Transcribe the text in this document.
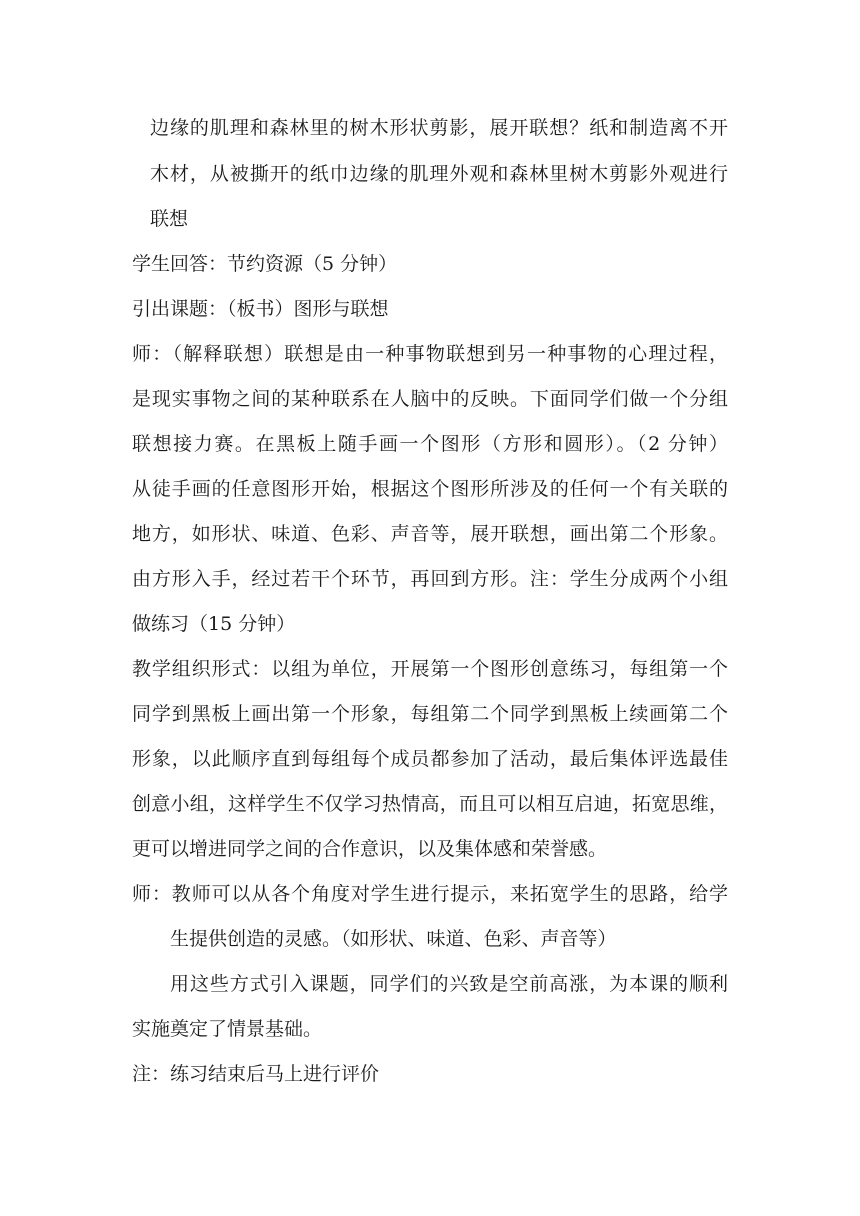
边缘的肌理和森林里的树木形状剪影，展开联想？纸和制造离不开
木材，从被撕开的纸巾边缘的肌理外观和森林里树木剪影外观进行
联想
学生回答：节约资源（5 分钟）
引出课题：（板书）图形与联想
师：（解释联想）联想是由一种事物联想到另一种事物的心理过程，
是现实事物之间的某种联系在人脑中的反映。下面同学们做一个分组
联想接力赛。在黑板上随手画一个图形（方形和圆形）。（2 分钟）
从徒手画的任意图形开始，根据这个图形所涉及的任何一个有关联的
地方，如形状、味道、色彩、声音等，展开联想，画出第二个形象。
由方形入手，经过若干个环节，再回到方形。注：学生分成两个小组
做练习（15 分钟）
教学组织形式：以组为单位，开展第一个图形创意练习，每组第一个
同学到黑板上画出第一个形象，每组第二个同学到黑板上续画第二个
形象，以此顺序直到每组每个成员都参加了活动，最后集体评选最佳
创意小组，这样学生不仅学习热情高，而且可以相互启迪，拓宽思维，
更可以增进同学之间的合作意识，以及集体感和荣誉感。
师：教师可以从各个角度对学生进行提示，来拓宽学生的思路，给学
生提供创造的灵感。（如形状、味道、色彩、声音等）
用这些方式引入课题，同学们的兴致是空前高涨，为本课的顺利
实施奠定了情景基础。
注：练习结束后马上进行评价
